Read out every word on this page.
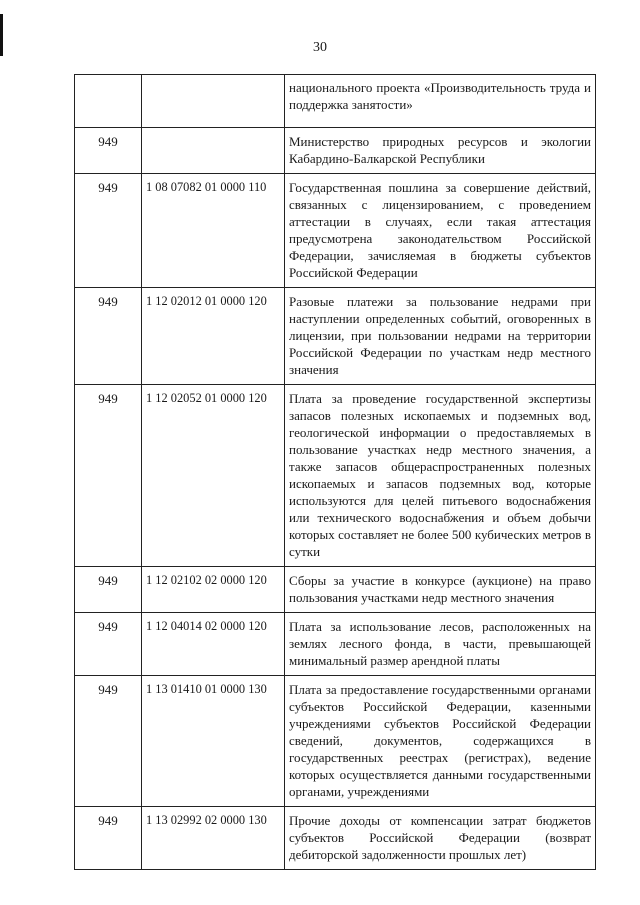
30
		национального проекта «Производительность труда и поддержка занятости»
949		Министерство природных ресурсов и экологии Кабардино-Балкарской Республики
949	1 08 07082 01 0000 110	Государственная пошлина за совершение действий, связанных с лицензированием, с проведением аттестации в случаях, если такая аттестация предусмотрена законодательством Российской Федерации, зачисляемая в бюджеты субъектов Российской Федерации
949	1 12 02012 01 0000 120	Разовые платежи за пользование недрами при наступлении определенных событий, оговоренных в лицензии, при пользовании недрами на территории Российской Федерации по участкам недр местного значения
949	1 12 02052 01 0000 120	Плата за проведение государственной экспертизы запасов полезных ископаемых и подземных вод, геологической информации о предоставляемых в пользование участках недр местного значения, а также запасов общераспространенных полезных ископаемых и запасов подземных вод, которые используются для целей питьевого водоснабжения или технического водоснабжения и объем добычи которых составляет не более 500 кубических метров в сутки
949	1 12 02102 02 0000 120	Сборы за участие в конкурсе (аукционе) на право пользования участками недр местного значения
949	1 12 04014 02 0000 120	Плата за использование лесов, расположенных на землях лесного фонда, в части, превышающей минимальный размер арендной платы
949	1 13 01410 01 0000 130	Плата за предоставление государственными органами субъектов Российской Федерации, казенными учреждениями субъектов Российской Федерации сведений, документов, содержащихся в государственных реестрах (регистрах), ведение которых осуществляется данными государственными органами, учреждениями
949	1 13 02992 02 0000 130	Прочие доходы от компенсации затрат бюджетов субъектов Российской Федерации (возврат дебиторской задолженности прошлых лет)
